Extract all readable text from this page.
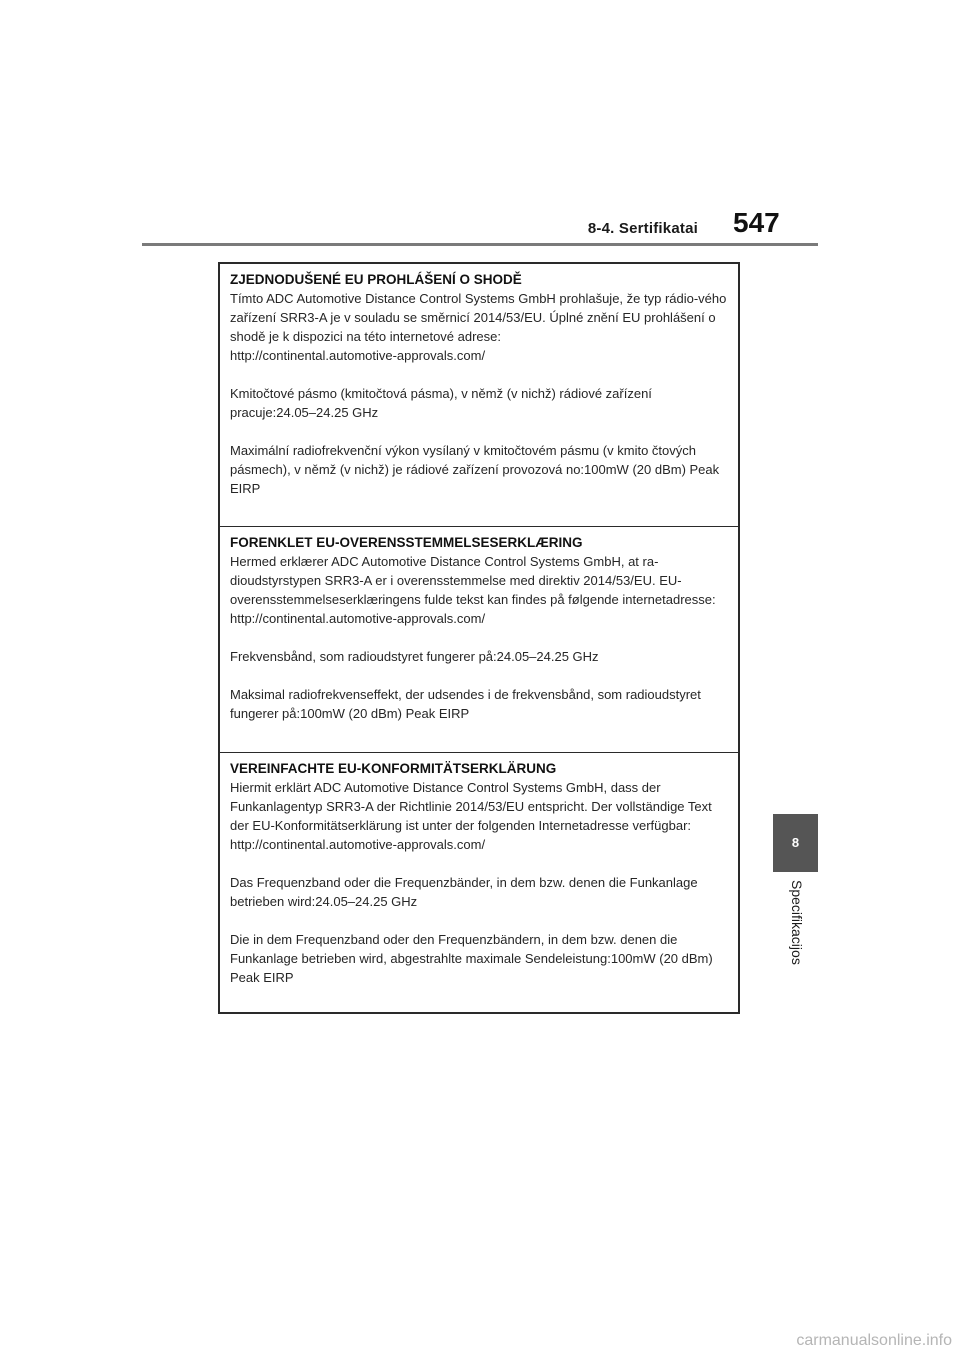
8-4. Sertifikatai 547

ZJEDNODUŠENÉ EU PROHLÁŠENÍ O SHODĚ

Tímto ADC Automotive Distance Control Systems GmbH prohlašuje, že typ rádio-vého zařízení SRR3-A je v souladu se směrnicí 2014/53/EU. Úplné znění EU prohlášení o shodě je k dispozici na této internetové adrese:

http://continental.automotive-approvals.com/

Kmitočtové pásmo (kmitočtová pásma), v němž (v nichž) rádiové zařízení pracuje:24.05–24.25 GHz

Maximální radiofrekvenční výkon vysílaný v kmitočtovém pásmu (v kmito čtových pásmech), v němž (v nichž) je rádiové zařízení provozová no:100mW (20 dBm) Peak EIRP

FORENKLET EU-OVERENSSTEMMELSESERKLÆRING

Hermed erklærer ADC Automotive Distance Control Systems GmbH, at ra-dioudstyrstypen SRR3-A er i overensstemmelse med direktiv 2014/53/EU. EU-overensstemmelseserklæringens fulde tekst kan findes på følgende internetadresse:

http://continental.automotive-approvals.com/

Frekvensbånd, som radioudstyret fungerer på:24.05–24.25 GHz

Maksimal radiofrekvenseffekt, der udsendes i de frekvensbånd, som radioudstyret fungerer på:100mW (20 dBm) Peak EIRP

VEREINFACHTE EU-KONFORMITÄTSERKLÄRUNG

Hiermit erklärt ADC Automotive Distance Control Systems GmbH, dass der Funkanlagentyp SRR3-A der Richtlinie 2014/53/EU entspricht. Der vollständige Text der EU-Konformitätserklärung ist unter der folgenden Internetadresse verfügbar:

http://continental.automotive-approvals.com/

Das Frequenzband oder die Frequenzbänder, in dem bzw. denen die Funkanlage betrieben wird:24.05–24.25 GHz

Die in dem Frequenzband oder den Frequenzbändern, in dem bzw. denen die Funkanlage betrieben wird, abgestrahlte maximale Sendeleistung:100mW (20 dBm) Peak EIRP

8
Specifikacijos
carmanualsonline.info
